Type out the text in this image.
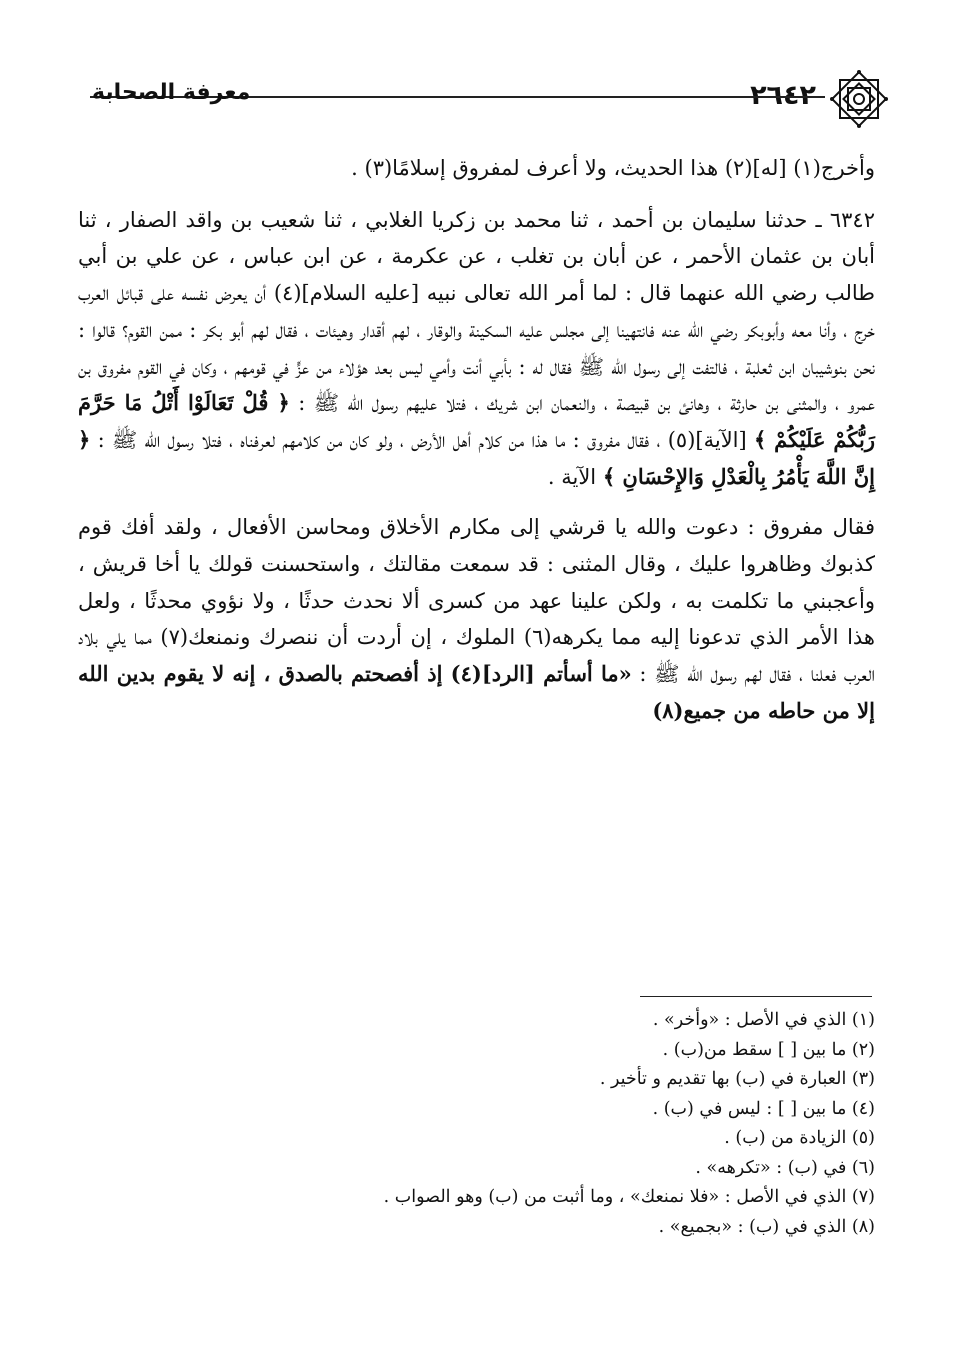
٢٦٤٢
معرفة الصحابة

وأخرج(١) [له](٢) هذا الحديث، ولا أعرف لمفروق إسلامًا(٣) .

٦٣٤٢ ـ حدثنا سليمان بن أحمد ، ثنا محمد بن زكريا الغلابي ، ثنا شعيب بن واقد الصفار ، ثنا أبان بن عثمان الأحمر ، عن أبان بن تغلب ، عن عكرمة ، عن ابن عباس ، عن علي بن أبي طالب رضي الله عنهما قال : لما أمر الله تعالى نبيه [عليه السلام](٤) أن يعرض نفسه على قبائل العرب خرج ، وأنا معه وأبوبكر رضي الله عنه فانتهينا إلى مجلس عليه السكينة والوقار ، لهم أقدار وهيئات ، فقال لهم أبو بكر : ممن القوم؟ قالوا : نحن بنوشيبان ابن ثعلبة ، فالتفت إلى رسول الله ﷺ فقال له : بأبي أنت وأمي ليس بعد هؤلاء من عزٍّ في قومهم ، وكان في القوم مفروق بن عمرو ، والمثنى بن حارثة ، وهانئ بن قبيصة ، والنعمان ابن شريك ، فتلا عليهم رسول الله ﷺ : ﴿ قُلْ تَعَالَوْا أَتْلُ مَا حَرَّمَ رَبُّكُمْ عَلَيْكُمْ ﴾ [الآية](٥) ، فقال مفروق : ما هذا من كلام أهل الأرض ، ولو كان من كلامهم لعرفناه ، فتلا رسول الله ﷺ : ﴿ إِنَّ اللَّهَ يَأْمُرُ بِالْعَدْلِ وَالإِحْسَانِ ﴾ الآية .

فقال مفروق : دعوت والله يا قرشي إلى مكارم الأخلاق ومحاسن الأفعال ، ولقد أفك قوم كذبوك وظاهروا عليك ، وقال المثنى : قد سمعت مقالتك ، واستحسنت قولك يا أخا قريش ، وأعجبني ما تكلمت به ، ولكن علينا عهد من كسرى ألا نحدث حدثًا ، ولا نؤوي محدثًا ، ولعل هذا الأمر الذي تدعونا إليه مما يكرهه(٦) الملوك ، إن أردت أن ننصرك ونمنعك(٧) مما يلي بلاد العرب فعلنا ، فقال لهم رسول الله ﷺ : «ما أسأتم [الرد](٤) إذ أفصحتم بالصدق ، إنه لا يقوم بدين الله إلا من حاطه من جميع(٨)

(١) الذي في الأصل : «وأخر» .
(٢) ما بين [ ] سقط من(ب) .
(٣) العبارة في (ب) بها تقديم و تأخير .
(٤) ما بين [ ] : ليس في (ب) .
(٥) الزيادة من (ب) .
(٦) في (ب) : «تكرهه» .
(٧) الذي في الأصل : «فلا نمنعك» ، وما أثبت من (ب) وهو الصواب .
(٨) الذي في (ب) : «بجميع» .
